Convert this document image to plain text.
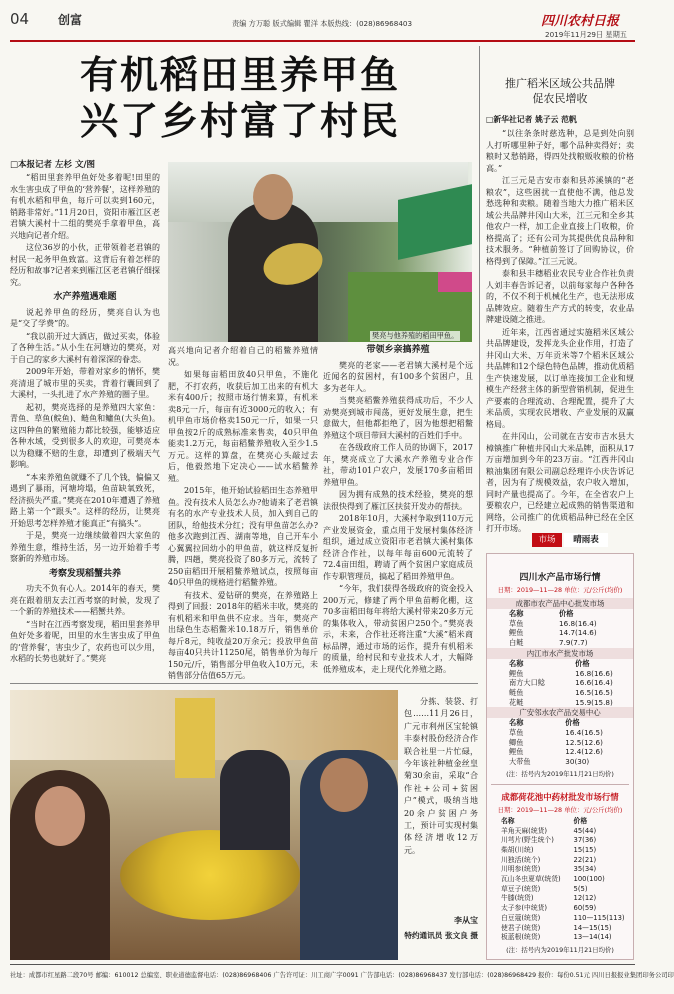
04 创富	责编 方万聪 版式编辑 瞿洋 本版热线：(028)86968403	四川农村日报
2019年11月29日 星期五
有机稻田里养甲鱼
兴了乡村富了村民
□本报记者 左杉 文/图

“稻田里套养甲鱼好处多着呢!田里的水生害虫成了甲鱼的‘营养餐’，这样养殖的有机水稻和甲鱼，每斤可以卖到160元，销路非常好。”11月20日，资阳市雁江区老君镇大溪村十二组的樊亮手拿着甲鱼，高兴地向记者介绍。

这位36岁的小伙，正带领着老君镇的村民一起务甲鱼致富。这背后有着怎样的经历和故事?记者来到雁江区老君镇仔细探究。

水产养殖遇难题

说起养甲鱼的经历，樊亮自认为也是“交了学费”的。

“我以前开过大酒店，做过买卖，体验了各种生活。”从小生在河塘边的樊亮，对于自己的家乡大溪村有着深深的眷恋。

2009年开始，带着对家乡的情怀，樊亮清退了城市里的买卖，背着行囊回到了大溪村，一头扎进了水产养殖的圈子里。

起初，樊亮选择的是养殖四大家鱼：青鱼、草鱼(鲩鱼)、鲢鱼和鳙鱼(大头鱼)。这四种鱼的繁殖能力都比较强，能够适应各种水域，受到很多人的欢迎，可樊亮本以为稳赚不赔的生意，却遭到了极端天气影响。

“本来养殖鱼就赚不了几个钱，偏偏又遇到了暴雨，河塘垮塌，鱼苗缺氧致死，经济损失严重。”樊亮在2010年遭遇了养殖路上第一个“跟头”。这样的经历，让樊亮开始思考怎样养殖才能真正“有搞头”。

于是，樊亮一边继续做着四大家鱼的养殖生意，维持生活，另一边开始着手考察新的养殖市场。

考察发现稻蟹共养

功夫不负有心人。2014年的春天，樊亮在跟着朋友去江西考察的时候，发现了一个新的养殖技术——稻蟹共养。

“当时在江西考察发现，稻田里套养甲鱼好处多着呢，田里的水生害虫成了甲鱼的‘营养餐’，害虫少了，农药也可以少用，水稻的长势也就好了。”樊亮

樊亮与他养殖的稻田甲鱼。

高兴地向记者介绍着自己的稻鳖养殖情况。

如果每亩稻田放40只甲鱼，不施化肥，不打农药，收获后加工出来的有机大米有400斤；按照市场行情来算，有机米卖8元一斤，每亩有近3000元的收入；有机甲鱼市场价格卖150元一斤，如果一只甲鱼按2斤的成熟标准来售卖，40只甲鱼能卖1.2万元，每亩稻鳖养殖收入至少1.5万元。这样的算盘，在樊亮心头敲过去后，他毅然地下定决心——试水稻鳖养殖。

2015年，他开始试验稻田生态养殖甲鱼。没有技术人员怎么办?他请来了老君镇有名的水产专业技术人员，加入到自己的团队，给他技术分红；没有甲鱼苗怎么办?他多次跑到江西、湖南等地，自己开车小心翼翼拉回幼小的甲鱼苗，就这样反复折腾，四趟，樊亮投资了80多万元，流转了250亩稻田开展稻鳖养殖试点，按照每亩40只甲鱼的规格进行稻鳖养殖。

有技术、爱钻研的樊亮，在养殖路上得到了回报：2018年的稻米丰收，樊亮的有机稻米和甲鱼供不应求。当年，樊亮产出绿色生态稻鳖米10.18万斤，销售单价每斤8元，纯收益20万余元；投放甲鱼苗每亩40只共计11250尾，销售单价为每斤150元/斤，销售部分甲鱼收入10万元，未销售部分估值65万元。

带领乡亲搞养殖

樊亮的老家——老君镇大溪村是个远近闻名的贫困村，有100多个贫困户，且多为老年人。

当樊亮稻鳖养殖获得成功后，不少人劝樊亮到城市闯荡，更好发展生意，把生意做大，但他都拒绝了，因为他想把稻鳖养殖这个项目带回大溪村的百姓们手中。

在各级政府工作人员的协调下，2017年，樊亮成立了大溪水产养殖专业合作社，带动101户农户，发展170多亩稻田养殖甲鱼。

因为拥有成熟的技术经验，樊亮的想法很快得到了雁江区扶贫开发办的帮扶。

2018年10月，大溪村争取到110万元产业发展资金，重点用于发展村集体经济组织，通过成立资阳市老君镇大溪村集体经济合作社，以每年每亩600元流转了72.4亩田组，聘请了两个贫困户家庭成员作专职管理员，搞起了稻田养殖甲鱼。

“今年，我们获得各级政府的资金投入200万元，修建了两个甲鱼苗孵化棚，这70多亩稻田每年将给大溪村带来20多万元的集体收入，带动贫困户250个。”樊亮表示，未来，合作社还将注重“大溪”稻米商标品牌，通过市场的运作，提升有机稻米的质量，给村民和专业技术人才，大幅降低养殖成本，走上现代化养殖之路。

推广稻米区域公共品牌
促农民增收
□新华社记者 姚子云 范帆

“以往条条时慈选种，总是到处向别人打听哪里种子好，哪个品种卖得好；卖粮时又愁销路，得四处找粮贩收粮的价格高。”

江三元是吉安市泰和县苏溪镇的“老粮农”，这些困扰一直使他不满，他总发愁选种和卖粮。随着当地大力推广稻米区域公共品牌井冈山大米，江三元和全乡其他农户一样，加工企业直接上门收粮，价格提高了；还有公司为其提供优良品种和技术服务。“种植前签订了回购协议，价格得到了保障。”江三元说。

泰和县丰穗稻业农民专业合作社负责人刘丰春告诉记者，以前每家每户各种各的，不仅不利于机械化生产，也无法形成品牌效应。随着生产方式的转变，农业品牌建设随之推进。

近年来，江西省通过实施稻米区域公共品牌建设，发挥龙头企业作用，打造了井冈山大米、万年贡米等7个稻米区域公共品牌和12个绿色特色品牌，推动优质稻生产快速发展，以订单连接加工企业和规模生产经营主体的新型营销机制，促进生产要素的合理流动、合理配置，提升了大米品质，实现农民增收、产业发展的双赢格局。

在井冈山，公司就在吉安市吉水县大樟镇推广种植井冈山大米品牌，面积从17万亩增加到今年的23万亩。“江西井冈山粮油集团有限公司副总经理许小庆告诉记者，因为有了规模效益，农户收入增加，同时产量也提高了。今年，在全省农户上要粮农户，已经建立起成熟的销售渠道和网络，公司推广的优质稻品种已经在全区打开市场。

市场	晴雨表
四川水产品市场行情
日期：2019—11—28 单位：元/公斤(均价)
成都市农产品中心批发市场
名称	价格
草鱼	16.8(16.4)
鲤鱼	14.7(14.6)
白鲢	7.9(7.7)
内江市水产批发市场
名称	价格
鲤鱼	16.8(16.6)
南方大口鲶	16.6(16.4)
鲢鱼	16.5(16.5)
花鲢	15.9(15.8)
广安邻水农产品交易中心
名称	价格
草鱼	16.4(16.5)
鲫鱼	12.5(12.6)
鲤鱼	12.4(12.6)
大带鱼	30(30)
(注：括号内为2019年11月21日均价)
成都荷花池中药材批发市场行情
日期：2019—11—28 单位：元/公斤(均价)
名称	价格
羊角天麻(统货)	45(44)
川芎片(野生统个)	37(36)
柴胡(川统)	15(15)
川独活(统个)	22(21)
川明参(统货)	35(34)
瓦山冬虫夏草(统货)	100(100)
草豆子(统货)	5(5)
牛膝(统货)	12(12)
太子参(中统货)	60(59)
白豆蔻(统货)	110—115(113)
使君子(统货)	14—15(15)
板蓝根(统货)	13—14(14)
(注：括号内为2019年11月21日均价)
分拣、装袋、打包……11月26日，广元市利州区宝轮镇丰泰村股份经济合作联合社里一片忙碌，今年该社种植金丝皇菊30余亩，采取“合作社+公司+贫困户”模式，吸纳当地20余户贫困户务工，预计可实现村集体经济增收12万元。
李从宝
特约通讯员 张文良 摄
社址：成都市红星路二段70号 邮编：610012 总编室、职业道德监督电话：(028)86968406 广告许可证：川工商广字0091 广告部电话：(028)86968437 发行部电话：(028)86968429 报价：每份0.51元 四川日报报业集团印务公司印
